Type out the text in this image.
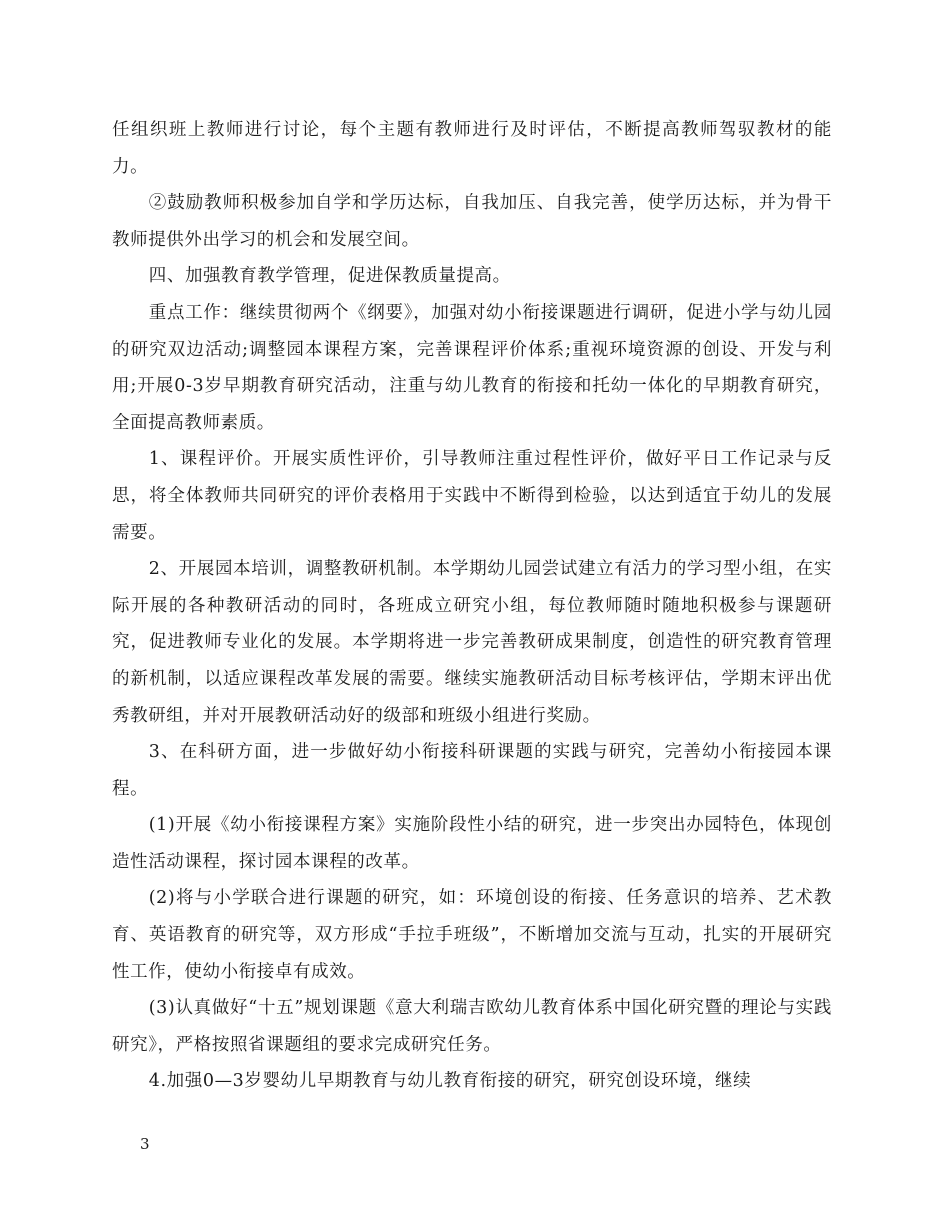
任组织班上教师进行讨论，每个主题有教师进行及时评估，不断提高教师驾驭教材的能力。

②鼓励教师积极参加自学和学历达标，自我加压、自我完善，使学历达标，并为骨干教师提供外出学习的机会和发展空间。

四、加强教育教学管理，促进保教质量提高。

重点工作：继续贯彻两个《纲要》，加强对幼小衔接课题进行调研，促进小学与幼儿园的研究双边活动;调整园本课程方案，完善课程评价体系;重视环境资源的创设、开发与利用;开展0-3岁早期教育研究活动，注重与幼儿教育的衔接和托幼一体化的早期教育研究，全面提高教师素质。

1、课程评价。开展实质性评价，引导教师注重过程性评价，做好平日工作记录与反思，将全体教师共同研究的评价表格用于实践中不断得到检验，以达到适宜于幼儿的发展需要。

2、开展园本培训，调整教研机制。本学期幼儿园尝试建立有活力的学习型小组，在实际开展的各种教研活动的同时，各班成立研究小组，每位教师随时随地积极参与课题研究，促进教师专业化的发展。本学期将进一步完善教研成果制度，创造性的研究教育管理的新机制，以适应课程改革发展的需要。继续实施教研活动目标考核评估，学期末评出优秀教研组，并对开展教研活动好的级部和班级小组进行奖励。

3、在科研方面，进一步做好幼小衔接科研课题的实践与研究，完善幼小衔接园本课程。

(1)开展《幼小衔接课程方案》实施阶段性小结的研究，进一步突出办园特色，体现创造性活动课程，探讨园本课程的改革。

(2)将与小学联合进行课题的研究，如：环境创设的衔接、任务意识的培养、艺术教育、英语教育的研究等，双方形成“手拉手班级”，不断增加交流与互动，扎实的开展研究性工作，使幼小衔接卓有成效。

(3)认真做好“十五”规划课题《意大利瑞吉欧幼儿教育体系中国化研究暨的理论与实践研究》，严格按照省课题组的要求完成研究任务。

4.加强0—3岁婴幼儿早期教育与幼儿教育衔接的研究，研究创设环境，继续

3
